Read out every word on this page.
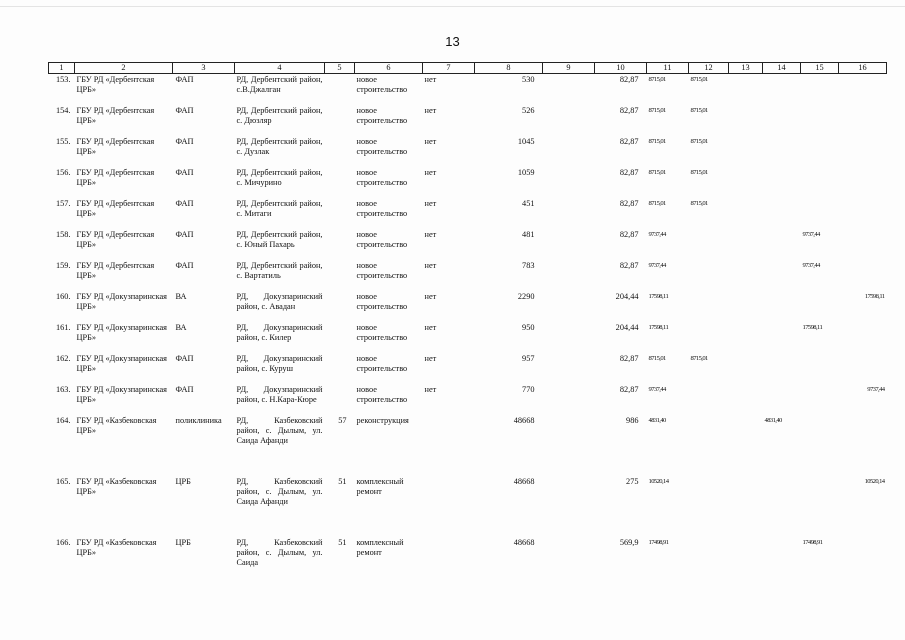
13
1	2	3	4	5	6	7	8	9	10	11	12	13	14	15	16
153.	ГБУ РД «Дербентская ЦРБ»	ФАП	РД, Дербентский район, с.В.Джалган		новое строительство	нет	530		82,87	8715,01	8715,01				
154.	ГБУ РД «Дербентская ЦРБ»	ФАП	РД, Дербентский район, с. Дюзляр		новое строительство	нет	526		82,87	8715,01	8715,01				
155.	ГБУ РД «Дербентская ЦРБ»	ФАП	РД, Дербентский район, с. Дузлак		новое строительство	нет	1045		82,87	8715,01	8715,01				
156.	ГБУ РД «Дербентская ЦРБ»	ФАП	РД, Дербентский район, с. Мичурино		новое строительство	нет	1059		82,87	8715,01	8715,01				
157.	ГБУ РД «Дербентская ЦРБ»	ФАП	РД, Дербентский район, с. Митаги		новое строительство	нет	451		82,87	8715,01	8715,01				
158.	ГБУ РД «Дербентская ЦРБ»	ФАП	РД, Дербентский район, с. Юный Пахарь		новое строительство	нет	481		82,87	9737,44				9737,44	
159.	ГБУ РД «Дербентская ЦРБ»	ФАП	РД, Дербентский район, с. Вартатиль		новое строительство	нет	783		82,87	9737,44				9737,44	
160.	ГБУ РД «Докузпаринская ЦРБ»	ВА	РД, Докузпаринский район, с. Авадан		новое строительство	нет	2290		204,44	17598,11					17598,11
161.	ГБУ РД «Докузпаринская ЦРБ»	ВА	РД, Докузпаринский район, с. Килер		новое строительство	нет	950		204,44	17598,11				17598,11	
162.	ГБУ РД «Докузпаринская ЦРБ»	ФАП	РД, Докузпаринский район, с. Куруш		новое строительство	нет	957		82,87	8715,01	8715,01				
163.	ГБУ РД «Докузпаринская ЦРБ»	ФАП	РД, Докузпаринский район, с. Н.Кара-Кюре		новое строительство	нет	770		82,87	9737,44					9737,44
164.	ГБУ РД «Казбековская ЦРБ»	поликлиника	РД, Казбековский район, с. Дылым, ул. Саида Афанди	57	реконструкция		48668		986	4831,40			4831,40		
165.	ГБУ РД «Казбековская ЦРБ»	ЦРБ	РД, Казбековский район, с. Дылым, ул. Саида Афанди	51	комплексный ремонт		48668		275	10520,14					10520,14
166.	ГБУ РД «Казбековская ЦРБ»	ЦРБ	РД, Казбековский район, с. Дылым, ул. Саида	51	комплексный ремонт		48668		569,9	17498,91				17498,91	
